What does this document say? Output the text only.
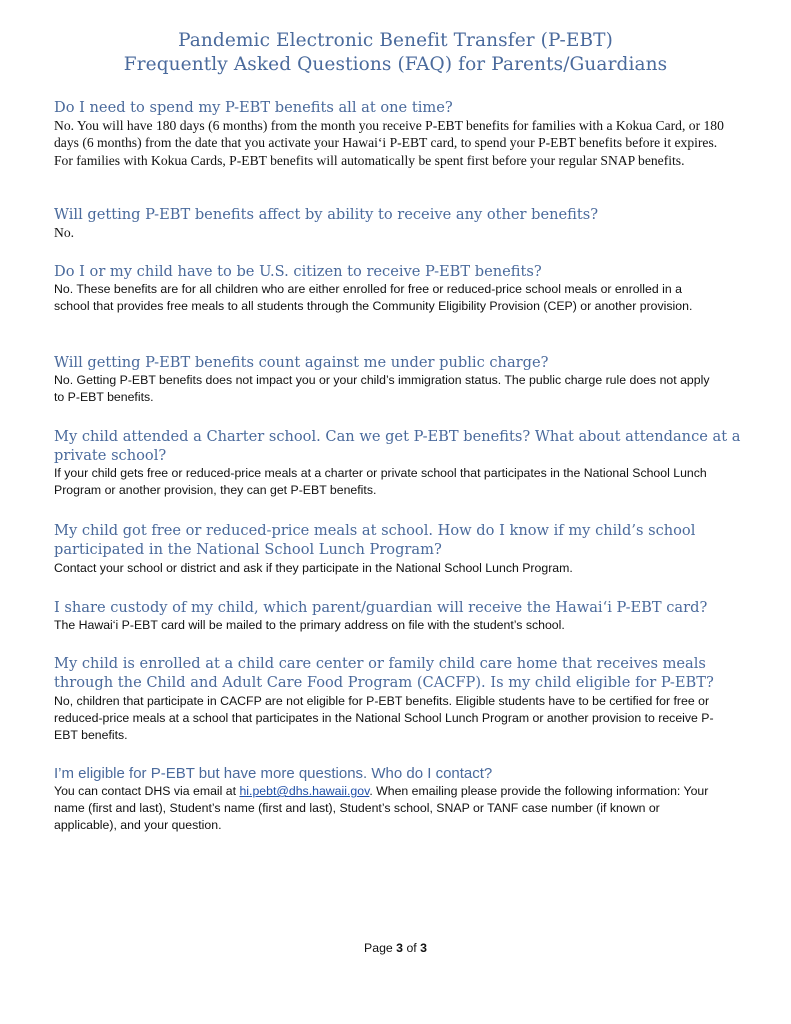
Pandemic Electronic Benefit Transfer (P-EBT)
Frequently Asked Questions (FAQ) for Parents/Guardians

Do I need to spend my P-EBT benefits all at one time?

No. You will have 180 days (6 months) from the month you receive P-EBT benefits for families with a Kokua Card, or 180 days (6 months) from the date that you activate your Hawai‘i P-EBT card, to spend your P-EBT benefits before it expires. For families with Kokua Cards, P-EBT benefits will automatically be spent first before your regular SNAP benefits.

Will getting P-EBT benefits affect by ability to receive any other benefits?

No.

Do I or my child have to be U.S. citizen to receive P-EBT benefits?

No. These benefits are for all children who are either enrolled for free or reduced-price school meals or enrolled in a school that provides free meals to all students through the Community Eligibility Provision (CEP) or another provision.

Will getting P-EBT benefits count against me under public charge?

No. Getting P-EBT benefits does not impact you or your child’s immigration status. The public charge rule does not apply to P-EBT benefits.

My child attended a Charter school. Can we get P-EBT benefits? What about attendance at a private school?

If your child gets free or reduced-price meals at a charter or private school that participates in the National School Lunch Program or another provision, they can get P-EBT benefits.

My child got free or reduced-price meals at school. How do I know if my child’s school participated in the National School Lunch Program?

Contact your school or district and ask if they participate in the National School Lunch Program.

I share custody of my child, which parent/guardian will receive the Hawai‘i P-EBT card?

The Hawai‘i P-EBT card will be mailed to the primary address on file with the student’s school.

My child is enrolled at a child care center or family child care home that receives meals through the Child and Adult Care Food Program (CACFP). Is my child eligible for P-EBT?

No, children that participate in CACFP are not eligible for P-EBT benefits. Eligible students have to be certified for free or reduced-price meals at a school that participates in the National School Lunch Program or another provision to receive P-EBT benefits.

I’m eligible for P-EBT but have more questions. Who do I contact?

You can contact DHS via email at hi.pebt@dhs.hawaii.gov. When emailing please provide the following information: Your name (first and last), Student’s name (first and last), Student’s school, SNAP or TANF case number (if known or applicable), and your question.

Page 3 of 3
